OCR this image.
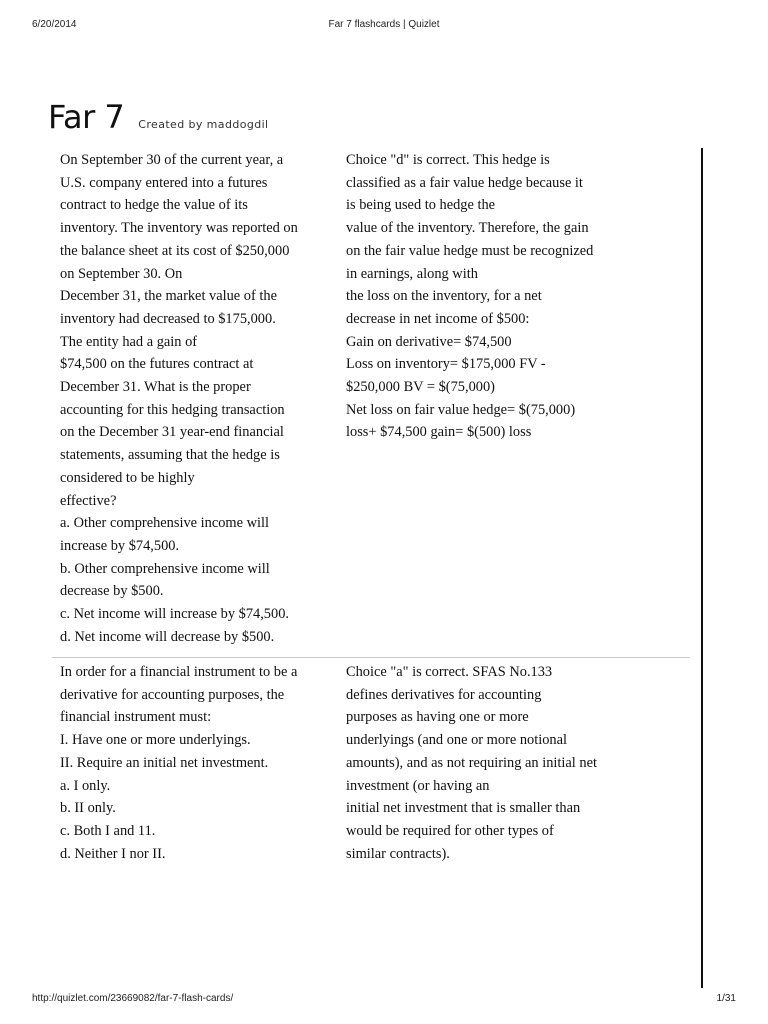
6/20/2014	Far 7 flashcards | Quizlet
Far 7 Created by maddogdil
On September 30 of the current year, a
U.S. company entered into a futures
contract to hedge the value of its
inventory. The inventory was reported on
the balance sheet at its cost of $250,000
on September 30. On
December 31, the market value of the
inventory had decreased to $175,000.
The entity had a gain of
$74,500 on the futures contract at
December 31. What is the proper
accounting for this hedging transaction
on the December 31 year-end financial
statements, assuming that the hedge is
considered to be highly
effective?
a. Other comprehensive income will
increase by $74,500.
b. Other comprehensive income will
decrease by $500.
c. Net income will increase by $74,500.
d. Net income will decrease by $500.
Choice "d" is correct. This hedge is
classified as a fair value hedge because it
is being used to hedge the
value of the inventory. Therefore, the gain
on the fair value hedge must be recognized
in earnings, along with
the loss on the inventory, for a net
decrease in net income of $500:
Gain on derivative= $74,500
Loss on inventory= $175,000 FV -
$250,000 BV = $(75,000)
Net loss on fair value hedge= $(75,000)
loss+ $74,500 gain= $(500) loss
In order for a financial instrument to be a
derivative for accounting purposes, the
financial instrument must:
I. Have one or more underlyings.
II. Require an initial net investment.
a. I only.
b. II only.
c. Both I and 11.
d. Neither I nor II.
Choice "a" is correct. SFAS No.133
defines derivatives for accounting
purposes as having one or more
underlyings (and one or more notional
amounts), and as not requiring an initial net
investment (or having an
initial net investment that is smaller than
would be required for other types of
similar contracts).
http://quizlet.com/23669082/far-7-flash-cards/	1/31
